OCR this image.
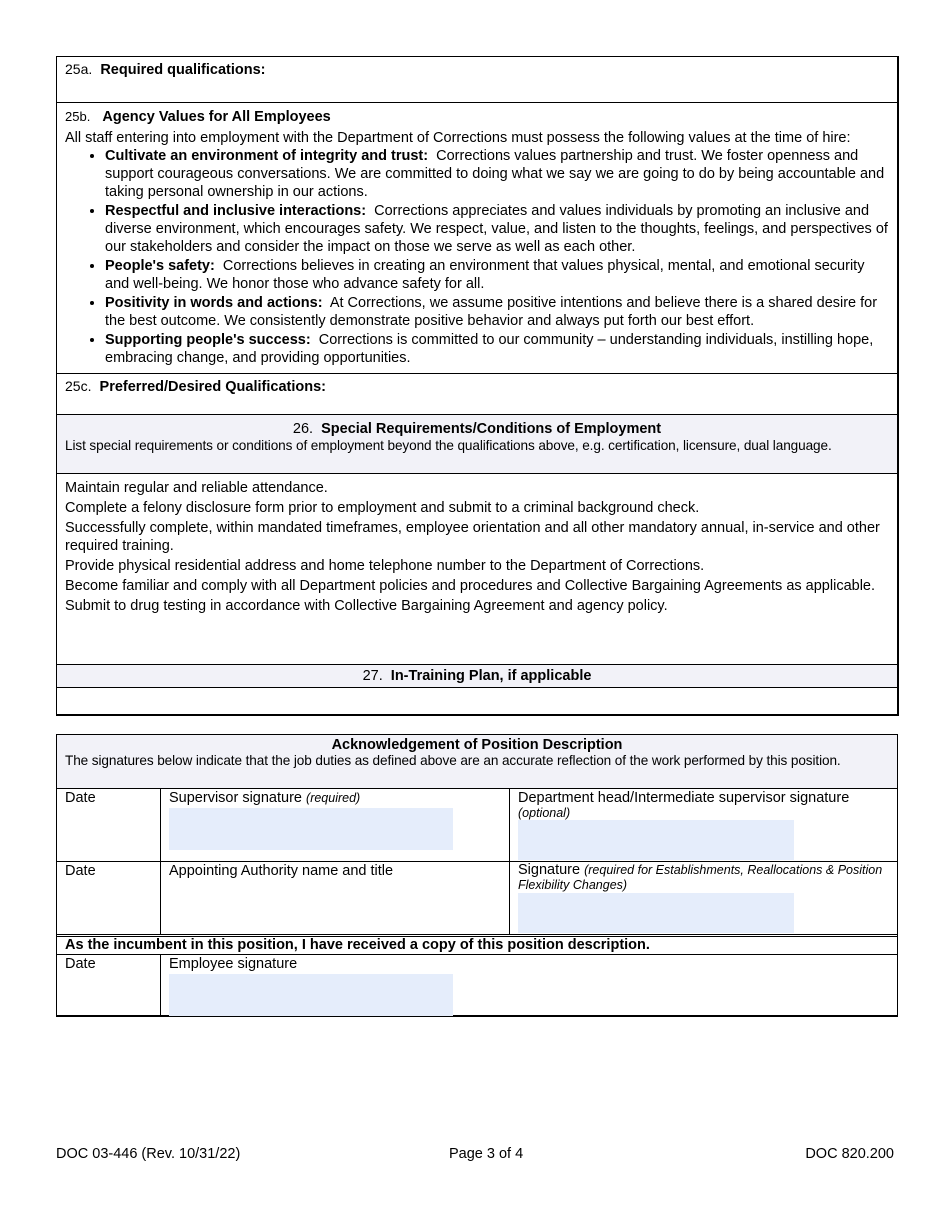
25a. Required qualifications:
25b. Agency Values for All Employees
All staff entering into employment with the Department of Corrections must possess the following values at the time of hire:
• Cultivate an environment of integrity and trust: Corrections values partnership and trust. We foster openness and support courageous conversations. We are committed to doing what we say we are going to do by being accountable and taking personal ownership in our actions.
• Respectful and inclusive interactions: Corrections appreciates and values individuals by promoting an inclusive and diverse environment, which encourages safety. We respect, value, and listen to the thoughts, feelings, and perspectives of our stakeholders and consider the impact on those we serve as well as each other.
• People's safety: Corrections believes in creating an environment that values physical, mental, and emotional security and well-being. We honor those who advance safety for all.
• Positivity in words and actions: At Corrections, we assume positive intentions and believe there is a shared desire for the best outcome. We consistently demonstrate positive behavior and always put forth our best effort.
• Supporting people's success: Corrections is committed to our community – understanding individuals, instilling hope, embracing change, and providing opportunities.
25c. Preferred/Desired Qualifications:
26. Special Requirements/Conditions of Employment
List special requirements or conditions of employment beyond the qualifications above, e.g. certification, licensure, dual language.

Maintain regular and reliable attendance.

Complete a felony disclosure form prior to employment and submit to a criminal background check.

Successfully complete, within mandated timeframes, employee orientation and all other mandatory annual, in-service and other required training.

Provide physical residential address and home telephone number to the Department of Corrections.

Become familiar and comply with all Department policies and procedures and Collective Bargaining Agreements as applicable.

Submit to drug testing in accordance with Collective Bargaining Agreement and agency policy.

27. In-Training Plan, if applicable
Acknowledgement of Position Description
The signatures below indicate that the job duties as defined above are an accurate reflection of the work performed by this position.
Date	Supervisor signature (required)	Department head/Intermediate supervisor signature
(optional)
Date	Appointing Authority name and title	Signature (required for Establishments, Reallocations & Position Flexibility Changes)
As the incumbent in this position, I have received a copy of this position description.
Date	Employee signature
DOC 03-446 (Rev. 10/31/22)	Page 3 of 4	DOC 820.200
